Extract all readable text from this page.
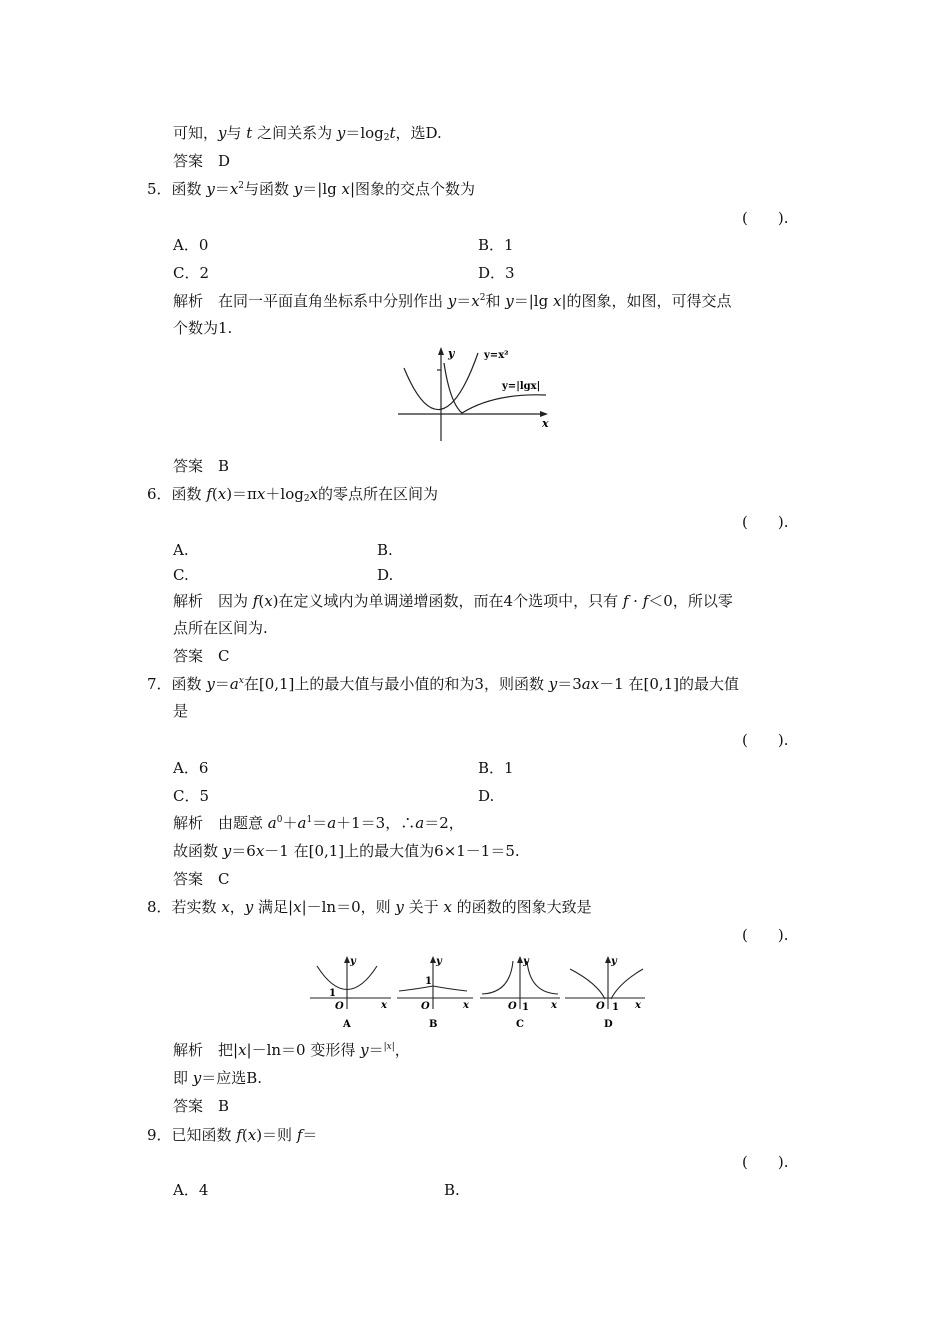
可知，y与 t 之间关系为 $y=\log_2t$，选D.
答案　D
5．函数 $y=x^2$与函数 y＝|lg x|图象的交点个数为
(　　).
A．0	B．1
C．2	D．3
解析　在同一平面直角坐标系中分别作出 $y=x^2$和 y＝|lg x|的图象，如图，可得交点
个数为1.
y
x
y=x²
y=|lgx|
答案　B
6．函数 $f(x)=\pi x+\log_2x$的零点所在区间为
(　　).
A.	B.
C.	D.
解析　因为 f(x)在定义域内为单调递增函数，而在4个选项中，只有 f · f＜0，所以零
点所在区间为.
答案　C
7．函数 $y=a^x$在[0,1]上的最大值与最小值的和为3，则函数 y＝3ax－1 在[0,1]的最大值
是
(　　).
A．6	B．1
C．5	D.
解析　由题意 $a^0+a^1=a+1=3$，∴a＝2，
故函数 y＝6x－1 在[0,1]上的最大值为6×1－1＝5.
答案　C
8．若实数 x，y 满足|x|－ln＝0，则 y 关于 x 的函数的图象大致是
(　　).
y
x
1
O
A
y
x
1
O
B
y
x
1
O
C
y
x
1
O
D
解析　把|x|－ln＝0 变形得 y＝$^{|x|}$，
即 y＝应选B.
答案　B
9．已知函数 f(x)＝则 f＝
(　　).
A．4	B.
